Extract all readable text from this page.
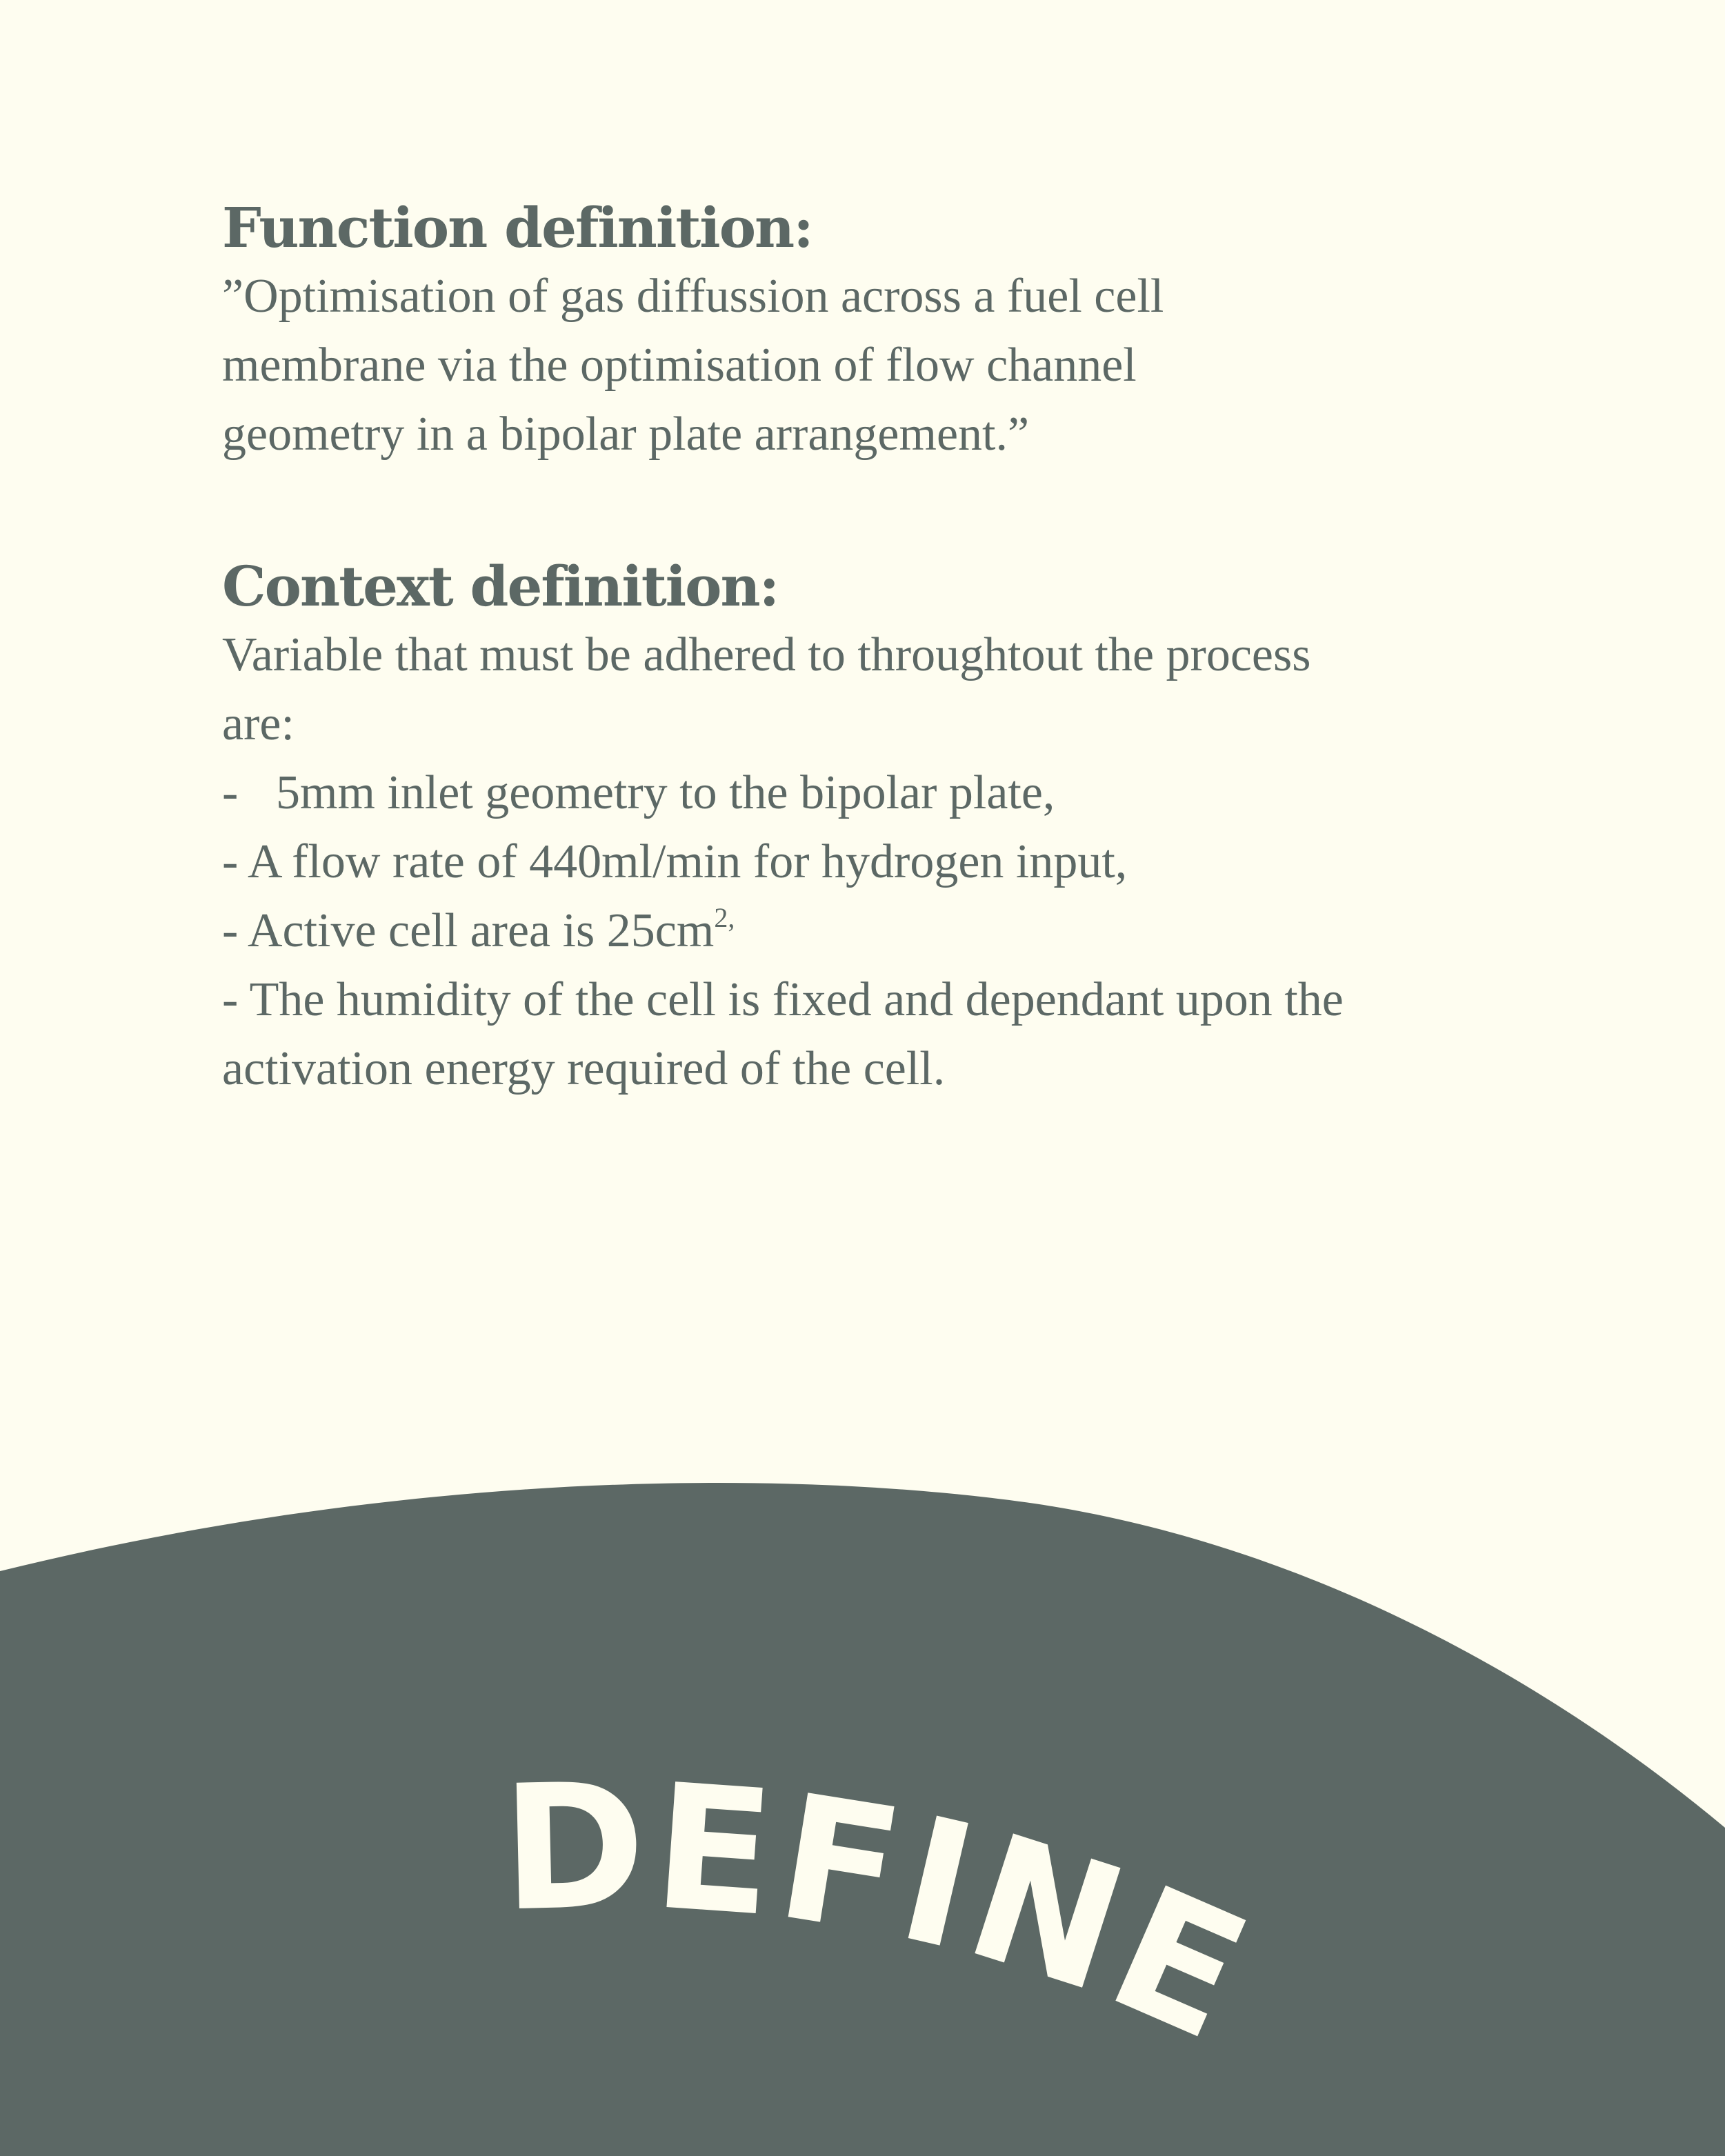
DEFINE
Function definition:

”Optimisation of gas diffussion across a fuel cell membrane via the optimisation of flow channel geometry in a bipolar plate arrangement.”

Context definition:

Variable that must be adhered to throughtout the process are:

- 5mm inlet geometry to the bipolar plate,
- A flow rate of 440ml/min for hydrogen input,
- Active cell area is $25cm^{2,}$
- The humidity of the cell is fixed and dependant upon the activation energy required of the cell.
